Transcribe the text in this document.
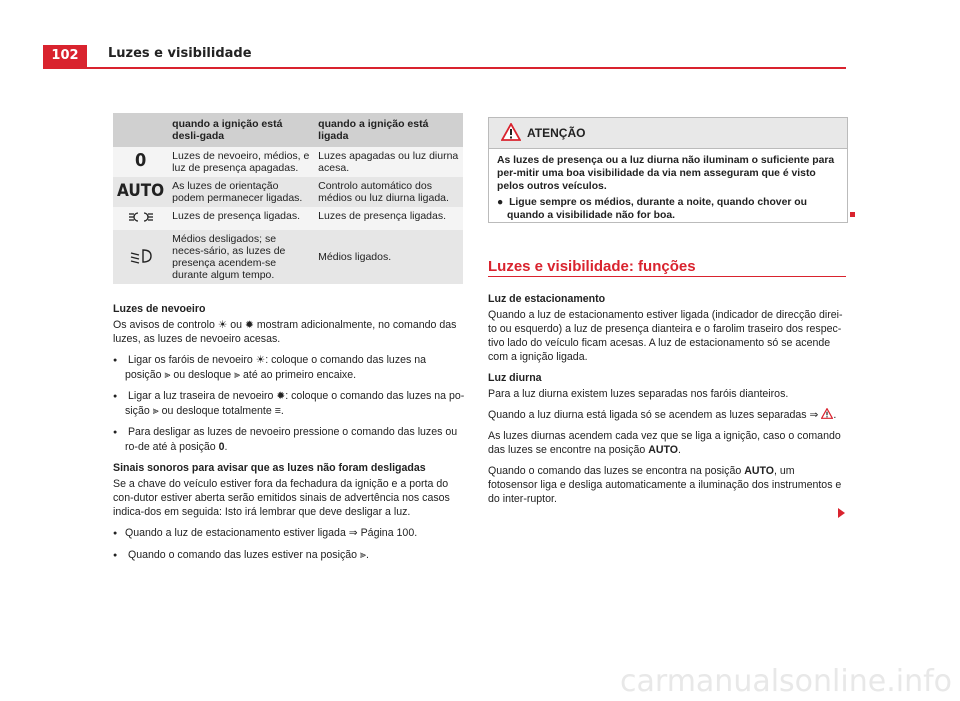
102	Luzes e visibilidade
	quando a ignição está desli-gada	quando a ignição está ligada
0	Luzes de nevoeiro, médios, e luz de presença apagadas.	Luzes apagadas ou luz diurna acesa.
AUTO	As luzes de orientação podem permanecer ligadas.	Controlo automático dos médios ou luz diurna ligada.
	Luzes de presença ligadas.	Luzes de presença ligadas.
	Médios desligados; se neces-sário, as luzes de presença acendem-se durante algum tempo.	Médios ligados.

Luzes de nevoeiro

Os avisos de controlo ☀ ou ✹ mostram adicionalmente, no comando das luzes, as luzes de nevoeiro acesas.

● Ligar os faróis de nevoeiro ☀: coloque o comando das luzes na posição ⫸ ou desloque ⫸ até ao primeiro encaixe.

● Ligar a luz traseira de nevoeiro ✹: coloque o comando das luzes na po-sição ⫸ ou desloque totalmente ≡.

● Para desligar as luzes de nevoeiro pressione o comando das luzes ou ro-de até à posição 0.

Sinais sonoros para avisar que as luzes não foram desligadas

Se a chave do veículo estiver fora da fechadura da ignição e a porta do con-dutor estiver aberta serão emitidos sinais de advertência nos casos indica-dos em seguida: Isto irá lembrar que deve desligar a luz.

● Quando a luz de estacionamento estiver ligada ⇒ Página 100.

● Quando o comando das luzes estiver na posição ⫸.

ATENÇÃO

As luzes de presença ou a luz diurna não iluminam o suficiente para per-mitir uma boa visibilidade da via nem asseguram que é visto pelos outros veículos.

●  Ligue sempre os médios, durante a noite, quando chover ou quando a visibilidade não for boa.

Luzes e visibilidade: funções

Luz de estacionamento

Quando a luz de estacionamento estiver ligada (indicador de direcção direi-to ou esquerdo) a luz de presença dianteira e o farolim traseiro dos respec-tivo lado do veículo ficam acesas. A luz de estacionamento só se acende com a ignição ligada.

Luz diurna

Para a luz diurna existem luzes separadas nos faróis dianteiros.

Quando a luz diurna está ligada só se acendem as luzes separadas ⇒ .

As luzes diurnas acendem cada vez que se liga a ignição, caso o comando das luzes se encontre na posição AUTO.

Quando o comando das luzes se encontra na posição AUTO, um fotosensor liga e desliga automaticamente a iluminação dos instrumentos e do inter-ruptor.

carmanualsonline.info
